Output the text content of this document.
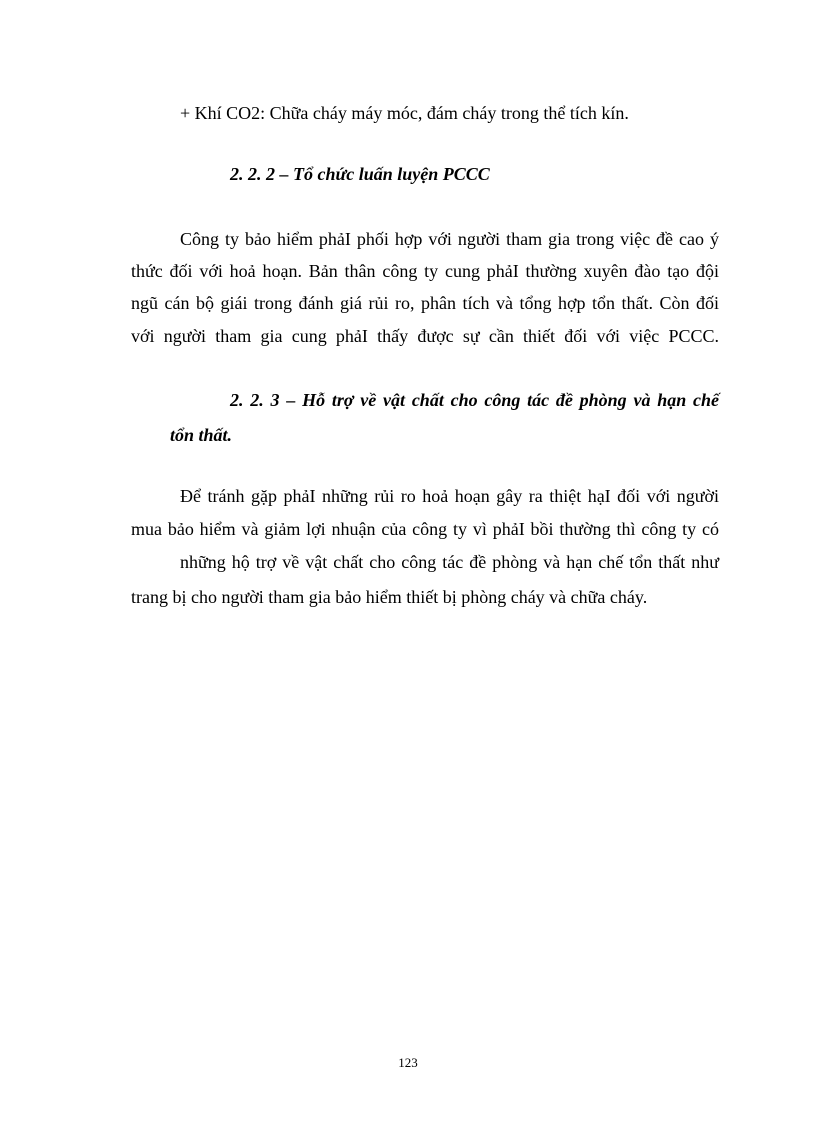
+ Khí CO2: Chữa cháy máy móc, đám cháy trong thể tích kín.
2. 2. 2 – Tổ chức luấn luyện PCCC
Công ty bảo hiểm phảI phối hợp với người tham gia trong việc đề cao ý
thức đối với hoả hoạn. Bản thân công ty cung phảI thường xuyên đào tạo đội
ngũ cán bộ giái trong đánh giá rủi ro, phân tích và tổng hợp tổn thất. Còn đối
với người tham gia cung phảI thấy được sự cần thiết đối với việc PCCC.
2. 2. 3 – Hỗ trợ về vật chất cho công tác đề phòng và hạn chế
tổn thất.
Để tránh gặp phảI những rủi ro hoả hoạn gây ra thiệt hạI đối với người
mua bảo hiểm và giảm lợi nhuận của công ty vì phảI bồi thường thì công ty có
những hộ trợ về vật chất cho công tác đề phòng và hạn chế tổn thất như
trang bị cho người tham gia bảo hiểm thiết bị phòng cháy và chữa cháy.
123
